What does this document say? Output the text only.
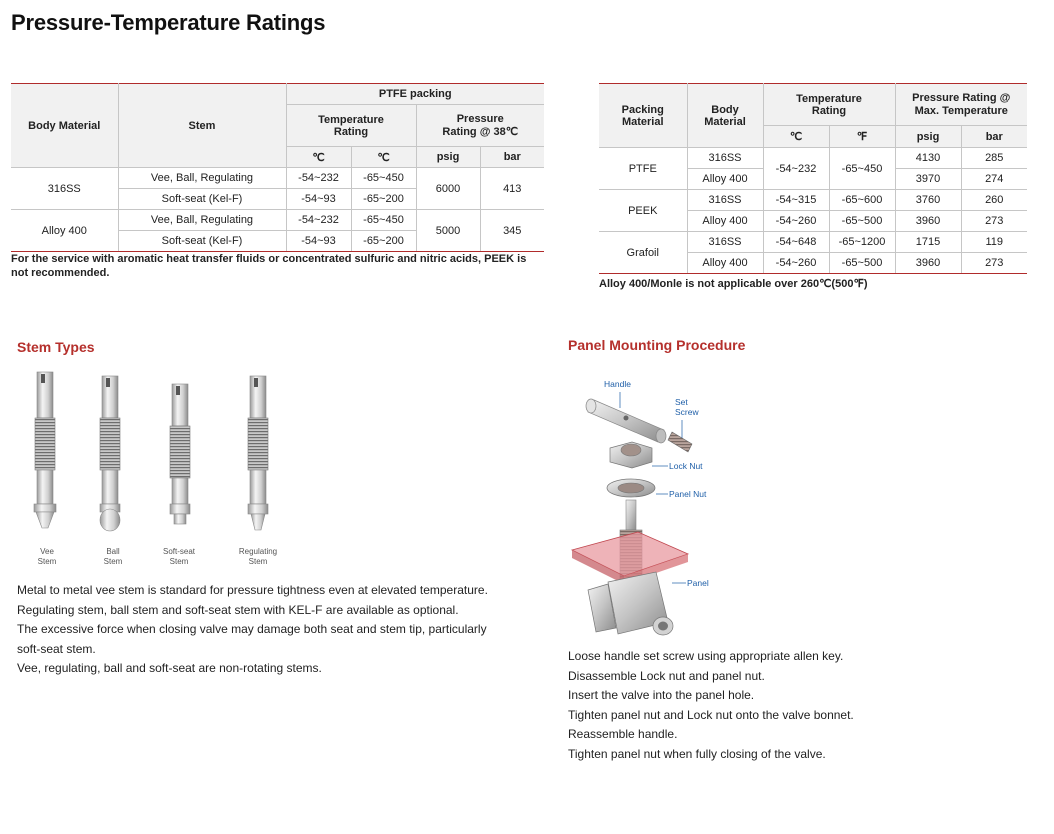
Pressure-Temperature Ratings
Body Material	Stem	PTFE packing			
		Temperature Rating		Pressure Rating @ 38℃	
		℃	℃	psig	bar
316SS	Vee, Ball, Regulating	-54~232	-65~450	6000	413
	Soft-seat (Kel-F)	-54~93	-65~200		
Alloy 400	Vee, Ball, Regulating	-54~232	-65~450	5000	345
	Soft-seat (Kel-F)	-54~93	-65~200		
For the service with aromatic heat transfer fluids or concentrated sulfuric and nitric acids, PEEK is
not recommended.
Packing Material	Body Material	Temperature Rating		Pressure Rating @ Max. Temperature	
		℃	℉	psig	bar
PTFE	316SS	-54~232	-65~450	4130	285
	Alloy 400			3970	274
PEEK	316SS	-54~315	-65~600	3760	260
	Alloy 400	-54~260	-65~500	3960	273
Grafoil	316SS	-54~648	-65~1200	1715	119
	Alloy 400	-54~260	-65~500	3960	273
Alloy 400/Monle is not applicable over 260℃(500℉)
Stem Types
Vee
Stem
Ball
Stem
Soft-seat
Stem
Regulating
Stem
Metal to metal vee stem is standard for pressure tightness even at elevated temperature.
Regulating stem, ball stem and soft-seat stem with KEL-F are available as optional.
The excessive force when closing valve may damage both seat and stem tip, particularly
soft-seat stem.
Vee, regulating, ball and soft-seat are non-rotating stems.
Panel Mounting Procedure
Handle
Set
Screw
Lock Nut
Panel Nut
Panel
Loose handle set screw using appropriate allen key.
Disassemble Lock nut and panel nut.
Insert the valve into the panel hole.
Tighten panel nut and Lock nut onto the valve bonnet.
Reassemble handle.
Tighten panel nut when fully closing of the valve.
